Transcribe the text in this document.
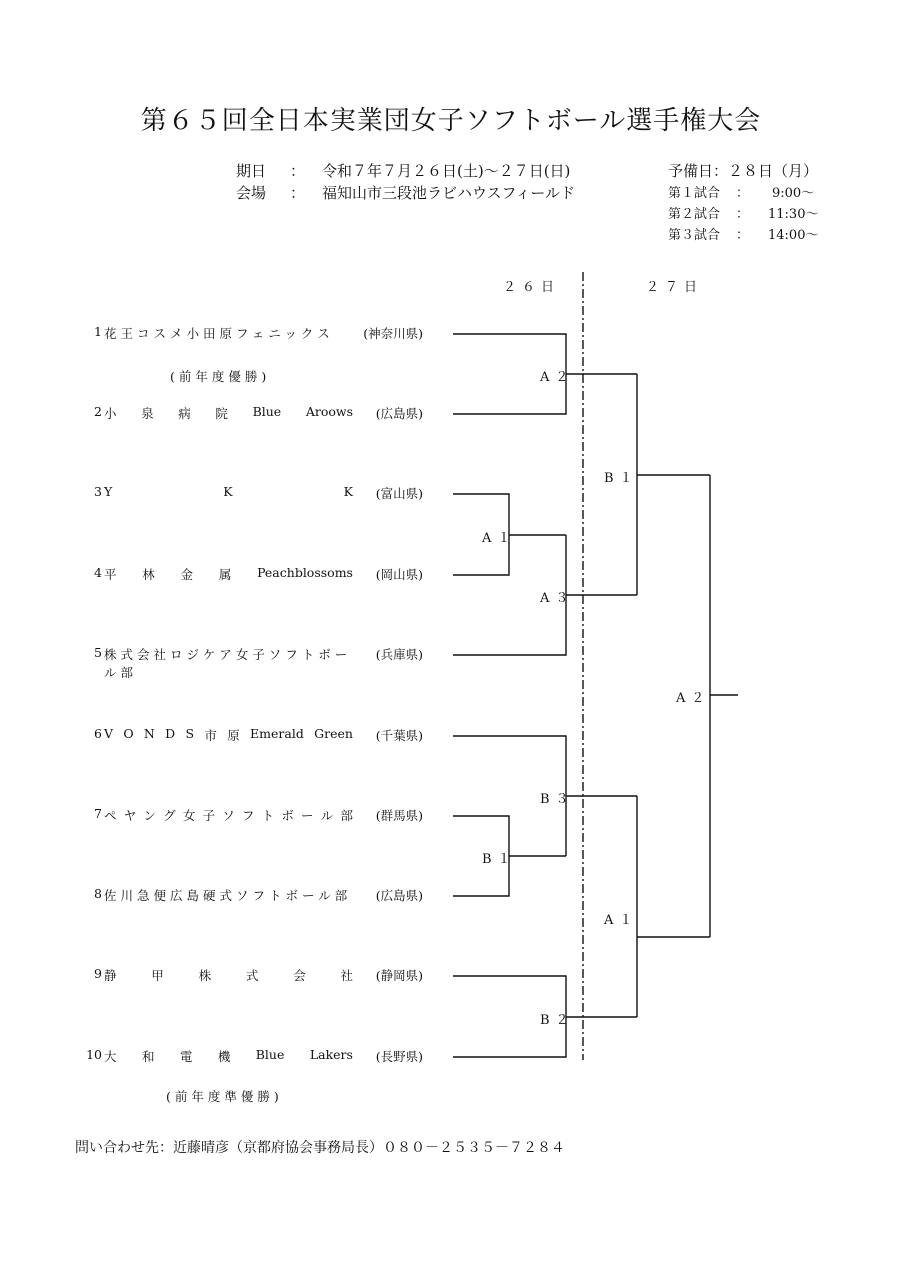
第６５回全日本実業団女子ソフトボール選手権大会
期日 ： 令和７年７月２６日(土)～２７日(日)
会場 ： 福知山市三段池ラビハウスフィールド
予備日：２８日（月）
第１試合 ： 9:00～
第２試合 ： 11:30～
第３試合 ： 14:00～
２６日	２７日
1 花王コスメ小田原フェニックス (神奈川県)
2 小 泉 病 院 Blue Aroows (広島県)
3 Y	K	K (富山県)
4 平 林 金 属 Peachblossoms (岡山県)
5 株式会社ロジケア女子ソフトボール部
(兵庫県)
6 V O N D S 市 原 Emerald Green (千葉県)
7 ペ ヤ ン グ 女 子 ソ フ ト ボ ー ル 部 (群馬県)
8 佐川急便広島硬式ソフトボール部 (広島県)
9 静	甲	株	式	会	社 (静岡県)
10 大 和 電 機 Blue Lakers (長野県)
(前年度優勝)
(前年度準優勝)
A２
A１
A３
B１
A２
B３
B１
A１
B２
問い合わせ先：近藤晴彦（京都府協会事務局長）０８０－２５３５－７２８４
